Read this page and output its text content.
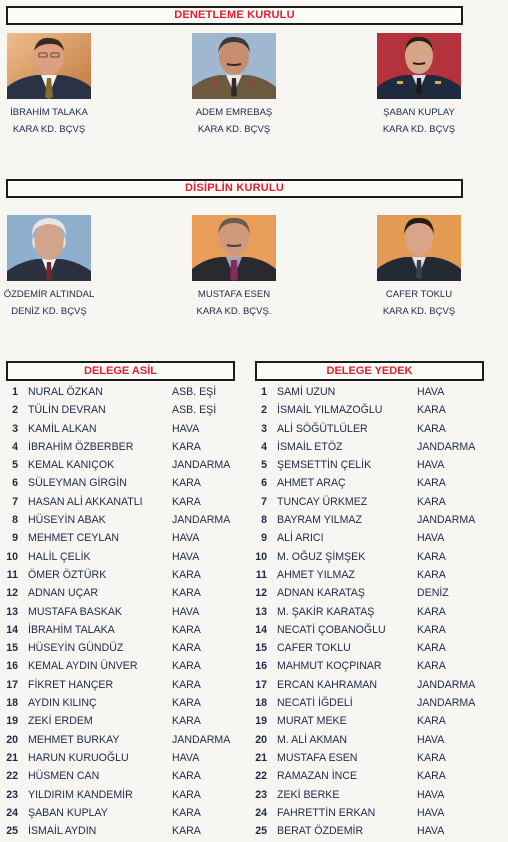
DENETLEME KURULU
İBRAHİM TALAKA
KARA KD. BÇVŞ
ADEM EMREBAŞ
KARA KD. BÇVŞ
ŞABAN KUPLAY
KARA KD. BÇVŞ
DİSİPLİN KURULU
ÖZDEMİR ALTINDAL
DENİZ KD. BÇVŞ
MUSTAFA ESEN
KARA KD. BÇVŞ.
CAFER TOKLU
KARA KD. BÇVŞ
DELEGE ASİL	DELEGE YEDEK
1 NURAL ÖZKAN	ASB. EŞİ
2 TÜLİN DEVRAN	ASB. EŞİ
3 KAMİL ALKAN	HAVA
4 İBRAHİM ÖZBERBER	KARA
5 KEMAL KANIÇOK	JANDARMA
6 SÜLEYMAN GİRGİN	KARA
7 HASAN ALİ AKKANATLI	KARA
8 HÜSEYİN ABAK	JANDARMA
9 MEHMET CEYLAN	HAVA
10 HALİL ÇELİK	HAVA
11 ÖMER ÖZTÜRK	KARA
12 ADNAN UÇAR	KARA
13 MUSTAFA BASKAK	HAVA
14 İBRAHİM TALAKA	KARA
15 HÜSEYİN GÜNDÜZ	KARA
16 KEMAL AYDIN ÜNVER	KARA
17 FİKRET HANÇER	KARA
18 AYDIN KILINÇ	KARA
19 ZEKİ ERDEM	KARA
20 MEHMET BURKAY	JANDARMA
21 HARUN KURUOĞLU	HAVA
22 HÜSMEN CAN	KARA
23 YILDIRIM KANDEMİR	KARA
24 ŞABAN KUPLAY	KARA
25 İSMAİL AYDIN	KARA
1 SAMİ UZUN	HAVA
2 İSMAİL YILMAZOĞLU	KARA
3 ALİ SÖĞÜTLÜLER	KARA
4 İSMAİL ETÖZ	JANDARMA
5 ŞEMSETTİN ÇELİK	HAVA
6 AHMET ARAÇ	KARA
7 TUNCAY ÜRKMEZ	KARA
8 BAYRAM YILMAZ	JANDARMA
9 ALİ ARICI	HAVA
10 M. OĞUZ ŞİMŞEK	KARA
11 AHMET YILMAZ	KARA
12 ADNAN KARATAŞ	DENİZ
13 M. ŞAKİR KARATAŞ	KARA
14 NECATİ ÇOBANOĞLU	KARA
15 CAFER TOKLU	KARA
16 MAHMUT KOÇPINAR	KARA
17 ERCAN KAHRAMAN	JANDARMA
18 NECATİ İĞDELİ	JANDARMA
19 MURAT MEKE	KARA
20 M. ALİ AKMAN	HAVA
21 MUSTAFA ESEN	KARA
22 RAMAZAN İNCE	KARA
23 ZEKİ BERKE	HAVA
24 FAHRETTİN ERKAN	HAVA
25 BERAT ÖZDEMİR	HAVA
